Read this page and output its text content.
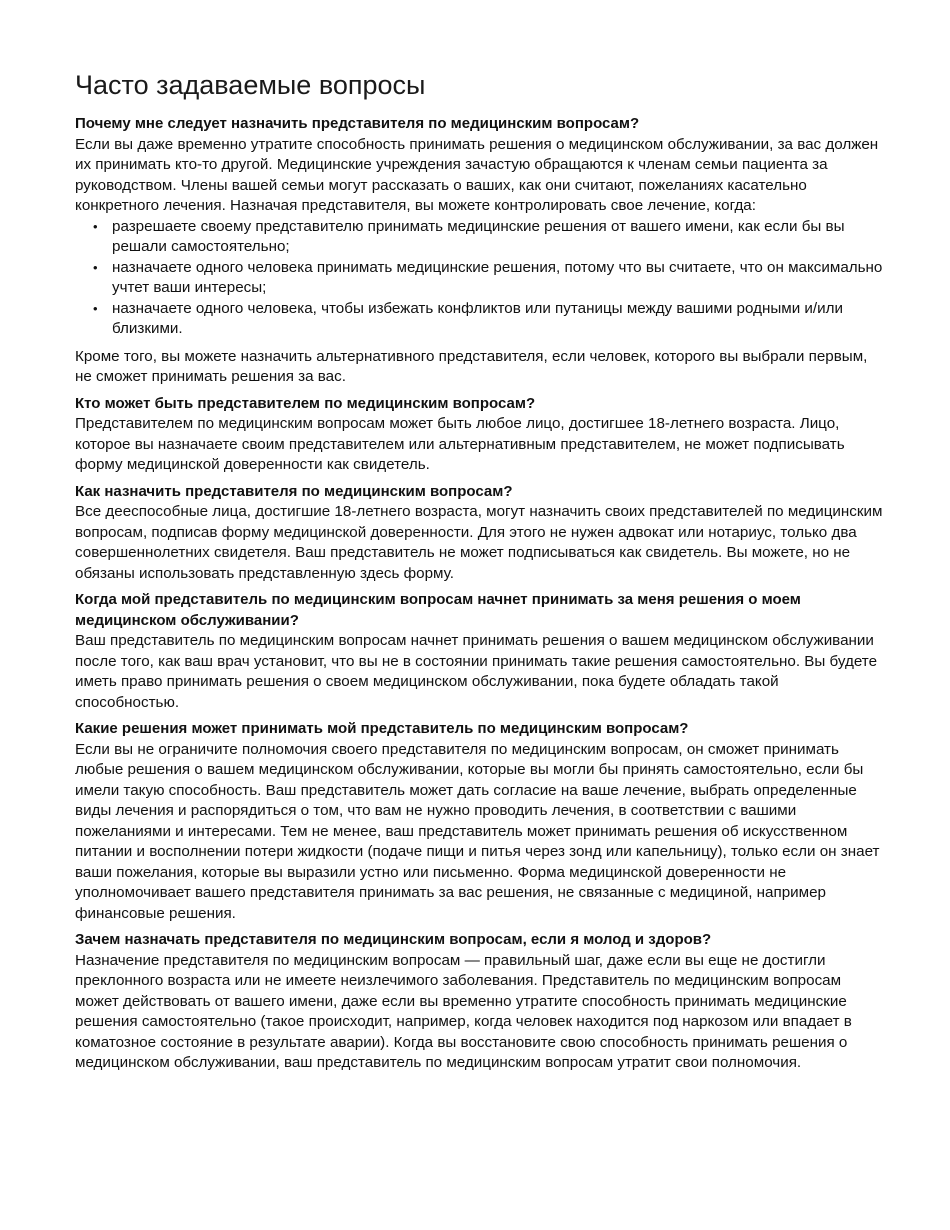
Часто задаваемые вопросы

Почему мне следует назначить представителя по медицинским вопросам?

Если вы даже временно утратите способность принимать решения о медицинском обслуживании, за вас должен их принимать кто-то другой. Медицинские учреждения зачастую обращаются к членам семьи пациента за руководством. Члены вашей семьи могут рассказать о ваших, как они считают, пожеланиях касательно конкретного лечения. Назначая представителя, вы можете контролировать свое лечение, когда:

• разрешаете своему представителю принимать медицинские решения от вашего имени, как если бы вы решали самостоятельно;
• назначаете одного человека принимать медицинские решения, потому что вы считаете, что он максимально учтет ваши интересы;
• назначаете одного человека, чтобы избежать конфликтов или путаницы между вашими родными и/или близкими.

Кроме того, вы можете назначить альтернативного представителя, если человек, которого вы выбрали первым, не сможет принимать решения за вас.

Кто может быть представителем по медицинским вопросам?

Представителем по медицинским вопросам может быть любое лицо, достигшее 18-летнего возраста. Лицо, которое вы назначаете своим представителем или альтернативным представителем, не может подписывать форму медицинской доверенности как свидетель.

Как назначить представителя по медицинским вопросам?

Все дееспособные лица, достигшие 18-летнего возраста, могут назначить своих представителей по медицинским вопросам, подписав форму медицинской доверенности. Для этого не нужен адвокат или нотариус, только два совершеннолетних свидетеля. Ваш представитель не может подписываться как свидетель. Вы можете, но не обязаны использовать представленную здесь форму.

Когда мой представитель по медицинским вопросам начнет принимать за меня решения о моем медицинском обслуживании?

Ваш представитель по медицинским вопросам начнет принимать решения о вашем медицинском обслуживании после того, как ваш врач установит, что вы не в состоянии принимать такие решения самостоятельно. Вы будете иметь право принимать решения о своем медицинском обслуживании, пока будете обладать такой способностью.

Какие решения может принимать мой представитель по медицинским вопросам?

Если вы не ограничите полномочия своего представителя по медицинским вопросам, он сможет принимать любые решения о вашем медицинском обслуживании, которые вы могли бы принять самостоятельно, если бы имели такую способность. Ваш представитель может дать согласие на ваше лечение, выбрать определенные виды лечения и распорядиться о том, что вам не нужно проводить лечения, в соответствии с вашими пожеланиями и интересами. Тем не менее, ваш представитель может принимать решения об искусственном питании и восполнении потери жидкости (подаче пищи и питья через зонд или капельницу), только если он знает ваши пожелания, которые вы выразили устно или письменно. Форма медицинской доверенности не уполномочивает вашего представителя принимать за вас решения, не связанные с медициной, например финансовые решения.

Зачем назначать представителя по медицинским вопросам, если я молод и здоров?

Назначение представителя по медицинским вопросам — правильный шаг, даже если вы еще не достигли преклонного возраста или не имеете неизлечимого заболевания. Представитель по медицинским вопросам может действовать от вашего имени, даже если вы временно утратите способность принимать медицинские решения самостоятельно (такое происходит, например, когда человек находится под наркозом или впадает в коматозное состояние в результате аварии). Когда вы восстановите свою способность принимать решения о медицинском обслуживании, ваш представитель по медицинским вопросам утратит свои полномочия.
